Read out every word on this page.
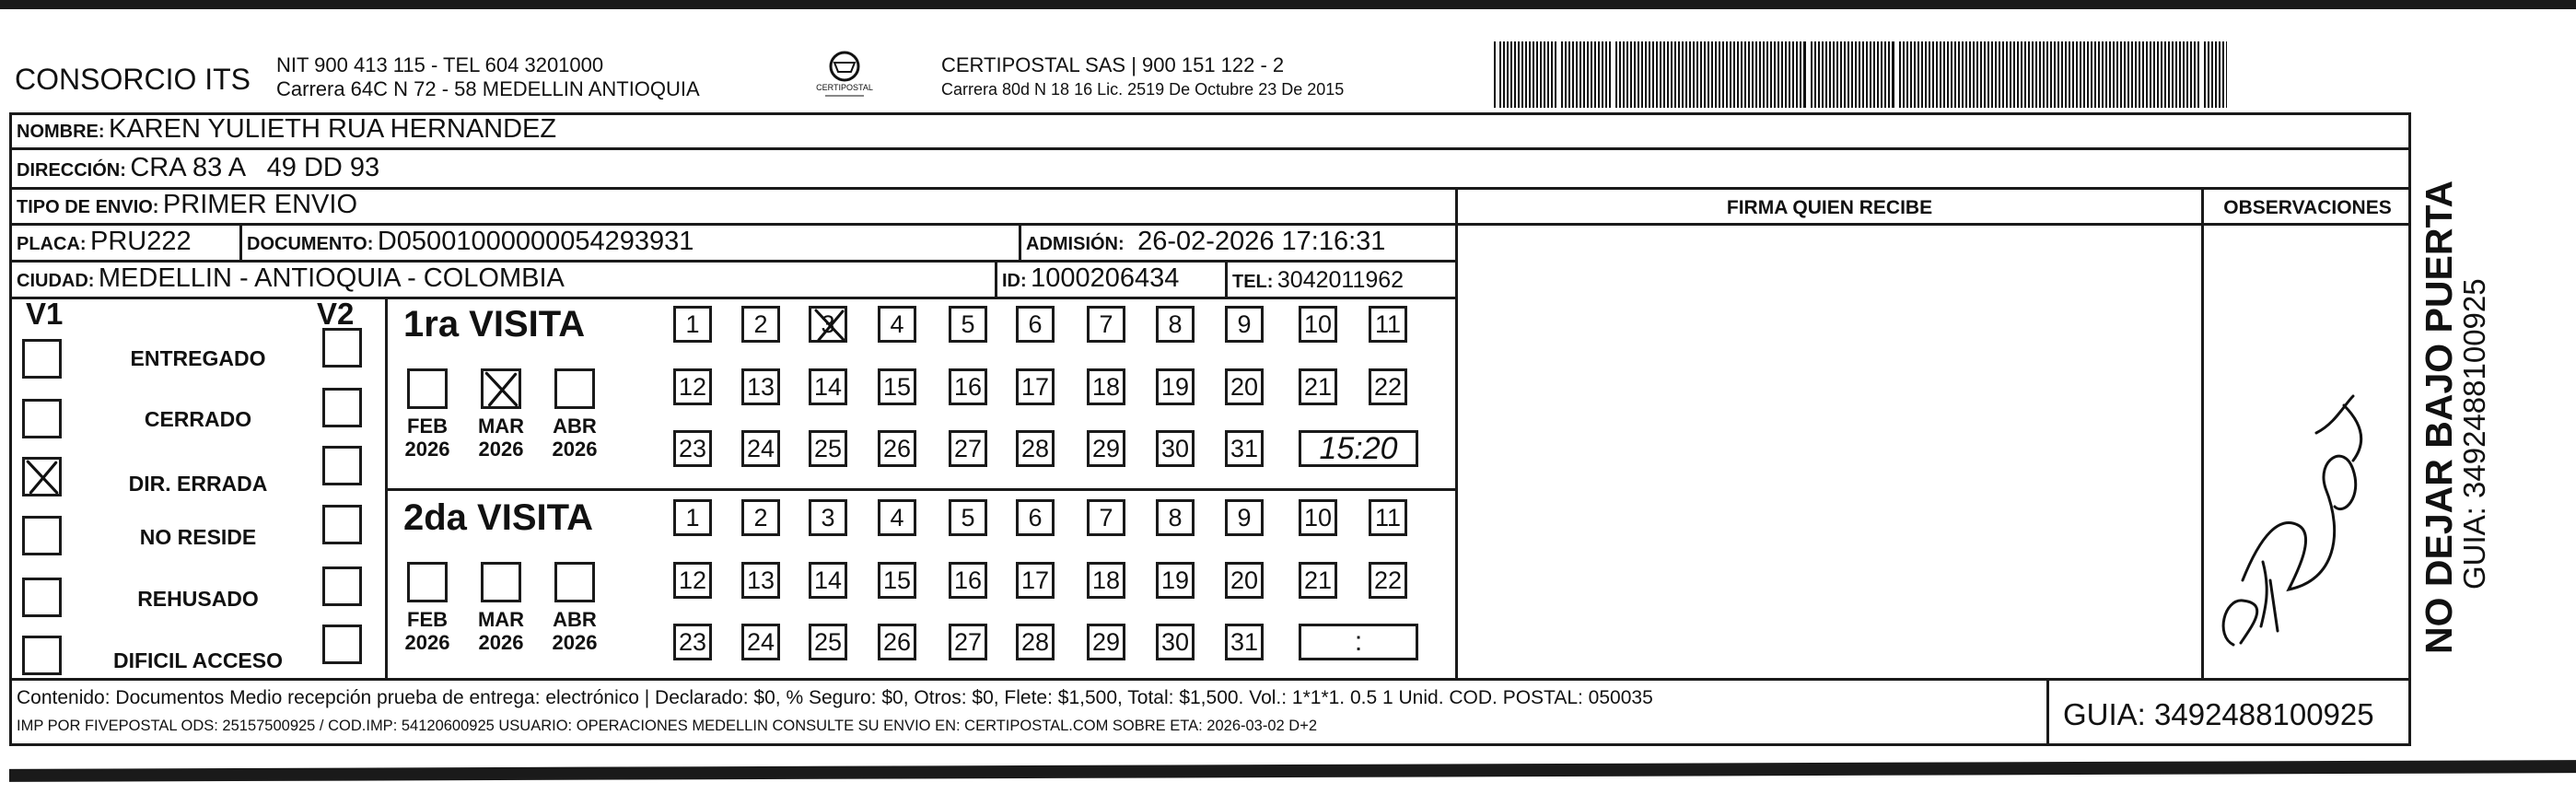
CONSORCIO ITS NIT 900 413 115 - TEL 604 3201000
Carrera 64C N 72 - 58 MEDELLIN ANTIOQUIA	CERTIPOSTAL
CERTIPOSTAL SAS | 900 151 122 - 2
Carrera 80d N 18 16 Lic. 2519 De Octubre 23 De 2015
NOMBRE: KAREN YULIETH RUA HERNANDEZ
DIRECCIÓN: CRA 83 A   49 DD 93
TIPO DE ENVIO: PRIMER ENVIO	FIRMA QUIEN RECIBE	OBSERVACIONES
PLACA: PRU222	DOCUMENTO: D05001000000054293931	ADMISIÓN: 26-02-2026 17:16:31
CIUDAD: MEDELLIN - ANTIOQUIA - COLOMBIA	ID: 1000206434	TEL: 3042011962
V1	V2
ENTREGADO
CERRADO
DIR. ERRADA
NO RESIDE
REHUSADO
DIFICIL ACCESO
1ra VISITA
2da VISITA
FEB
2026
MAR
2026
ABR
2026
1	2	3	4	5	6	7	8	9	10 11
12 13 14 15 16 17 18 19 20 21 22
23 24 25 26 27 28 29 30 31	15:20
FEB
2026
MAR
2026
ABR
2026
1	2	3	4	5	6	7	8	9	10 11
12 13 14 15 16 17 18 19 20 21 22
23 24 25 26 27 28 29 30 31	:	NO DEJAR BAJO PUERTA
GUIA: 3492488100925
Contenido: Documentos Medio recepción prueba de entrega: electrónico | Declarado: $0, % Seguro: $0, Otros: $0, Flete: $1,500, Total: $1,500. Vol.: 1*1*1. 0.5 1 Unid. COD. POSTAL: 050035
IMP POR FIVEPOSTAL ODS: 25157500925 / COD.IMP: 54120600925 USUARIO: OPERACIONES MEDELLIN CONSULTE SU ENVIO EN: CERTIPOSTAL.COM SOBRE ETA: 2026-03-02 D+2	GUIA: 3492488100925
